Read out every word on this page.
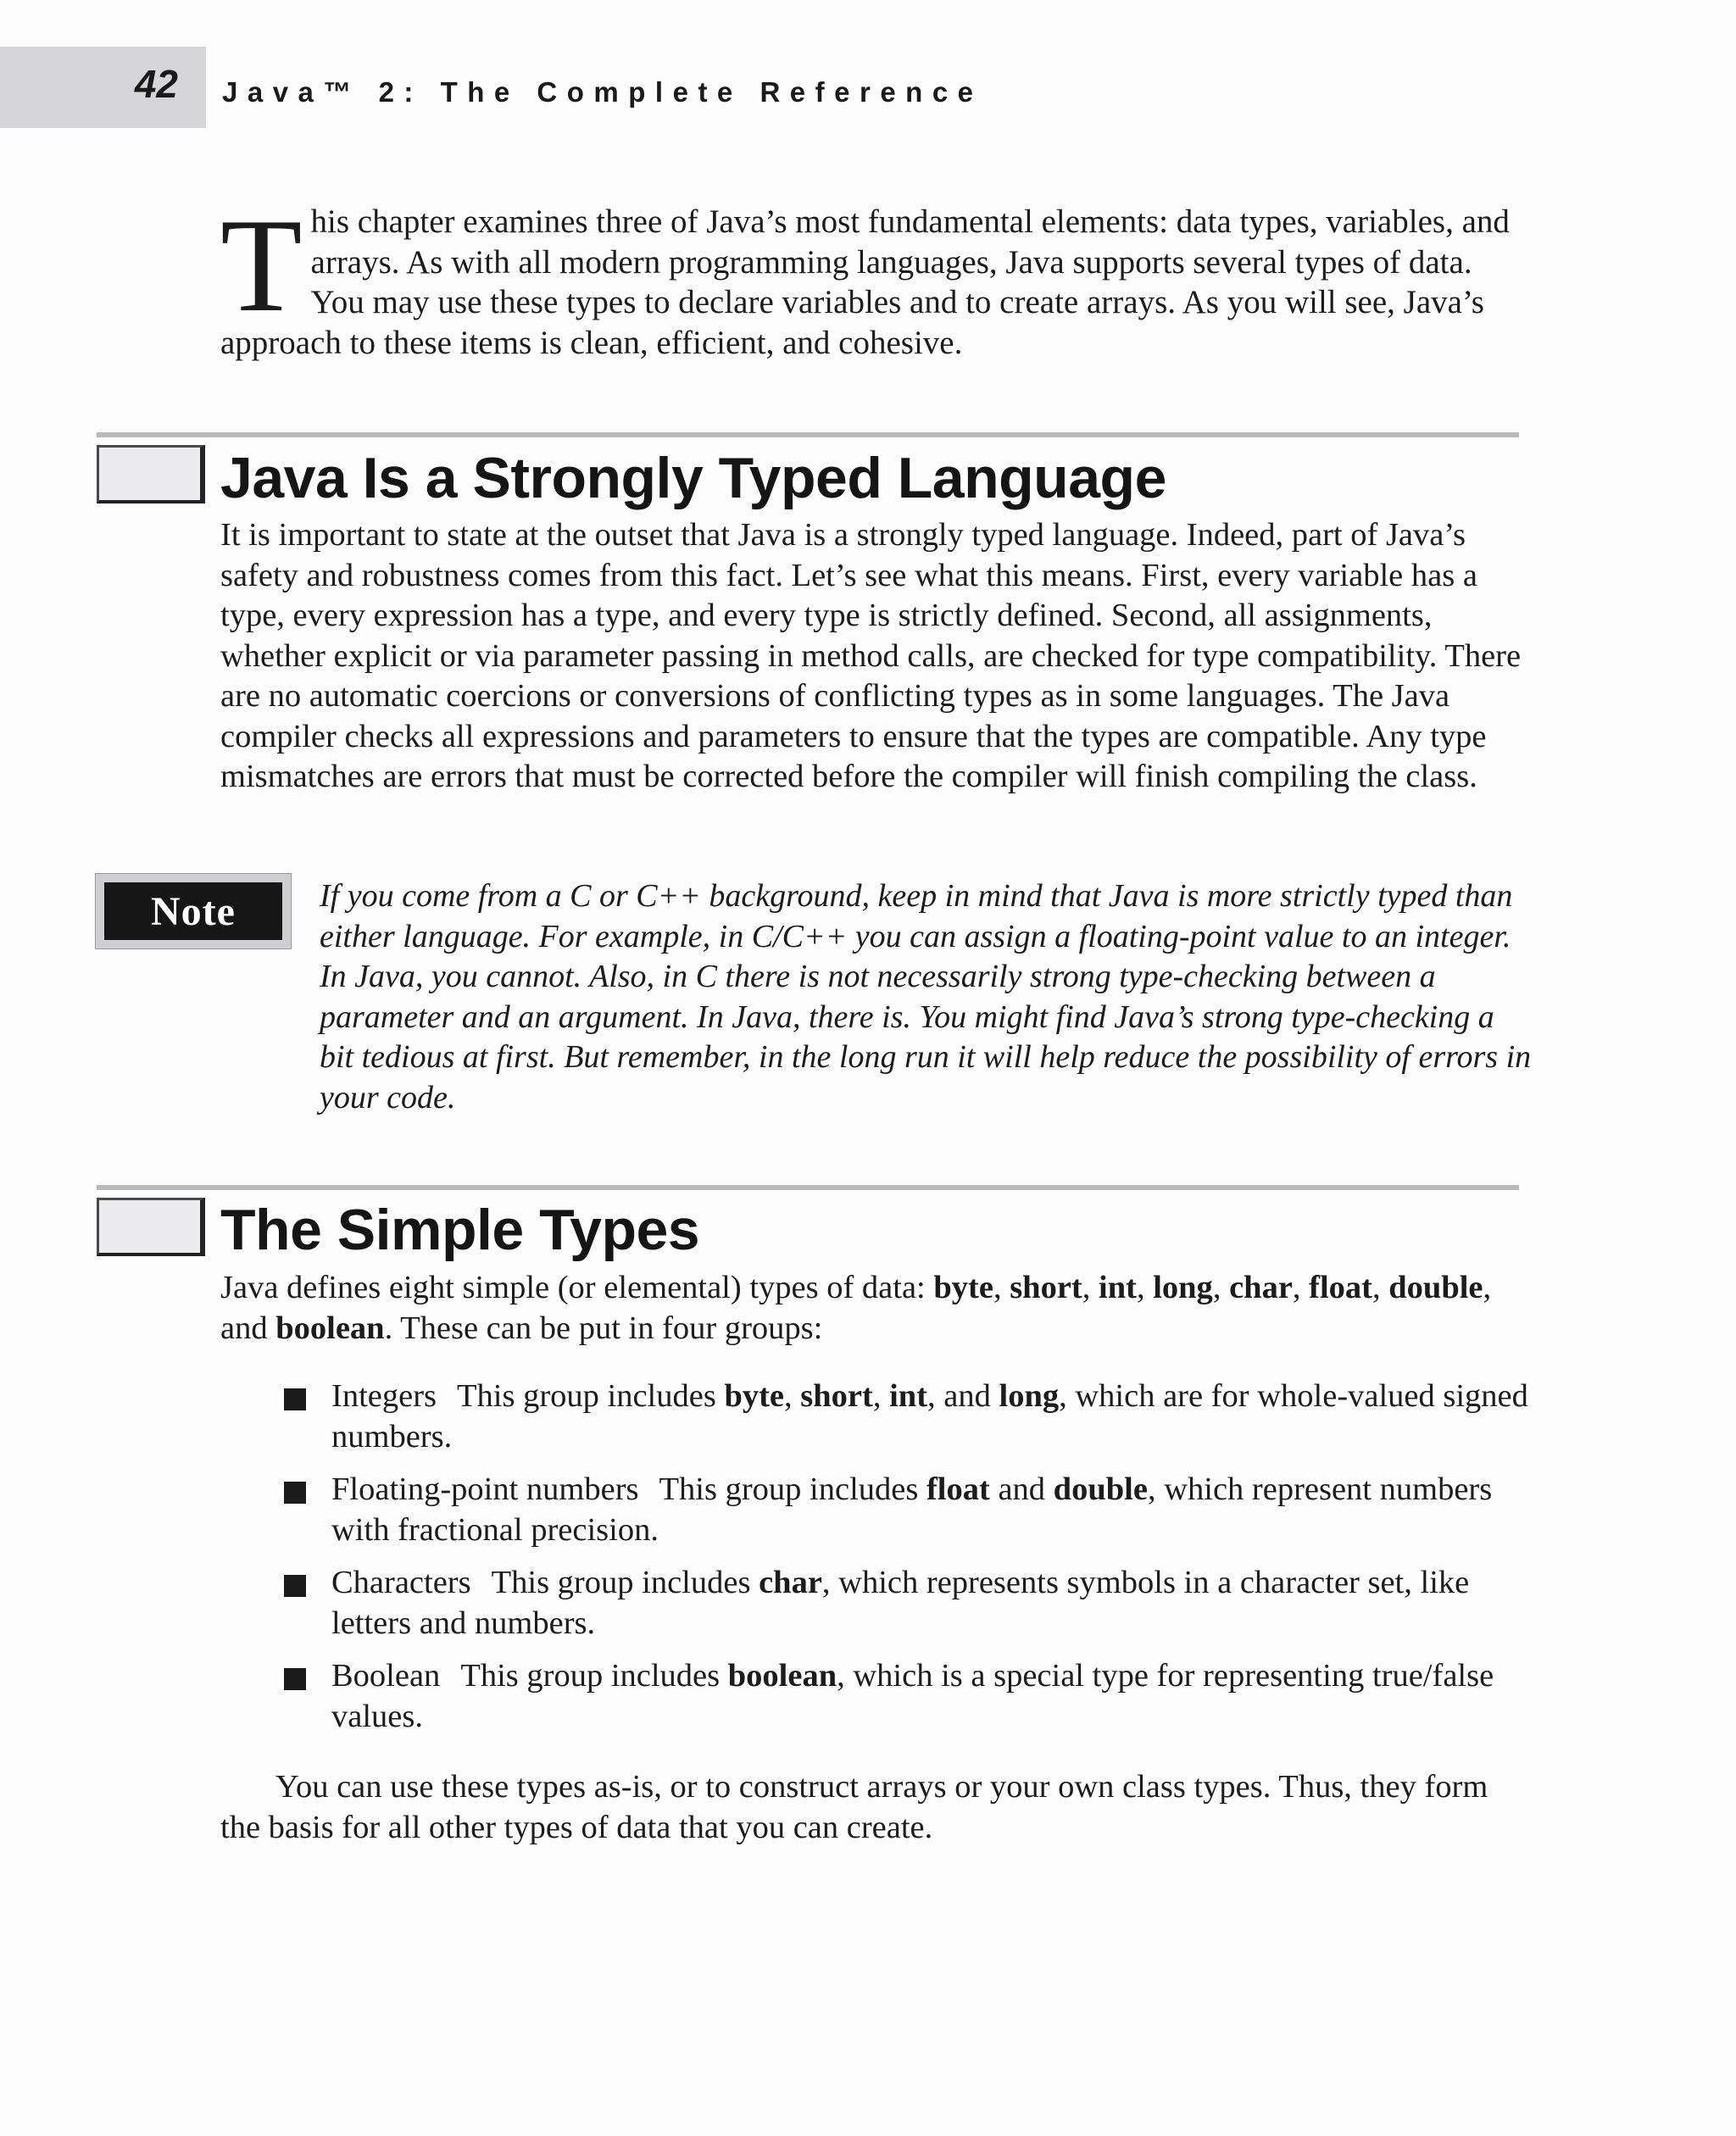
42 Java™ 2: The Complete Reference
T his chapter examines three of Java’s most fundamental elements: data types, variables, and arrays. As with all modern programming languages, Java supports several types of data. You may use these types to declare variables and to create arrays. As you will see, Java’s approach to these items is clean, efficient, and cohesive.
Java Is a Strongly Typed Language

It is important to state at the outset that Java is a strongly typed language. Indeed, part of Java’s safety and robustness comes from this fact. Let’s see what this means. First, every variable has a type, every expression has a type, and every type is strictly defined. Second, all assignments, whether explicit or via parameter passing in method calls, are checked for type compatibility. There are no automatic coercions or conversions of conflicting types as in some languages. The Java compiler checks all expressions and parameters to ensure that the types are compatible. Any type mismatches are errors that must be corrected before the compiler will finish compiling the class.

Note	If you come from a C or C++ background, keep in mind that Java is more strictly typed than either language. For example, in C/C++ you can assign a floating-point value to an integer. In Java, you cannot. Also, in C there is not necessarily strong type-checking between a parameter and an argument. In Java, there is. You might find Java’s strong type-checking a bit tedious at first. But remember, in the long run it will help reduce the possibility of errors in your code.

The Simple Types

Java defines eight simple (or elemental) types of data: byte, short, int, long, char, float, double, and boolean. These can be put in four groups:

Integers This group includes byte, short, int, and long, which are for whole-valued signed numbers.
Floating-point numbers This group includes float and double, which represent numbers with fractional precision.
Characters This group includes char, which represents symbols in a character set, like letters and numbers.
Boolean This group includes boolean, which is a special type for representing true/false values.

You can use these types as-is, or to construct arrays or your own class types. Thus, they form the basis for all other types of data that you can create.
